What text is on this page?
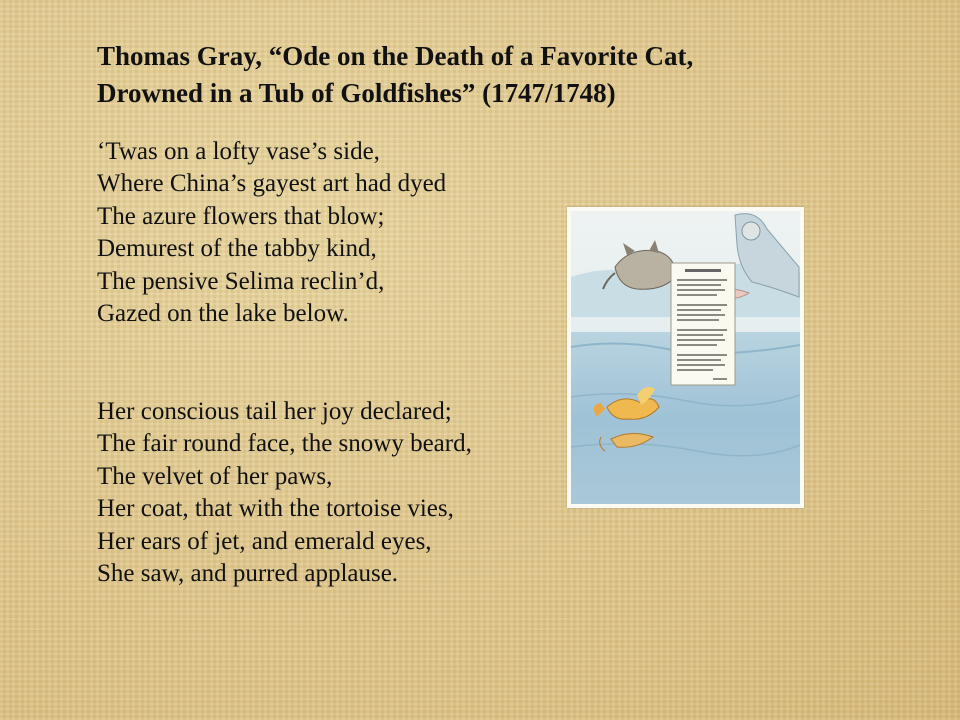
Thomas Gray, “Ode on the Death of a Favorite Cat,
Drowned in a Tub of Goldfishes” (1747/1748)
‘Twas on a lofty vase’s side,
Where China’s gayest art had dyed
The azure flowers that blow;
Demurest of the tabby kind,
The pensive Selima reclin’d,
Gazed on the lake below.
Her conscious tail her joy declared;
The fair round face, the snowy beard,
The velvet of her paws,
Her coat, that with the tortoise vies,
Her ears of jet, and emerald eyes,
She saw, and purred applause.
